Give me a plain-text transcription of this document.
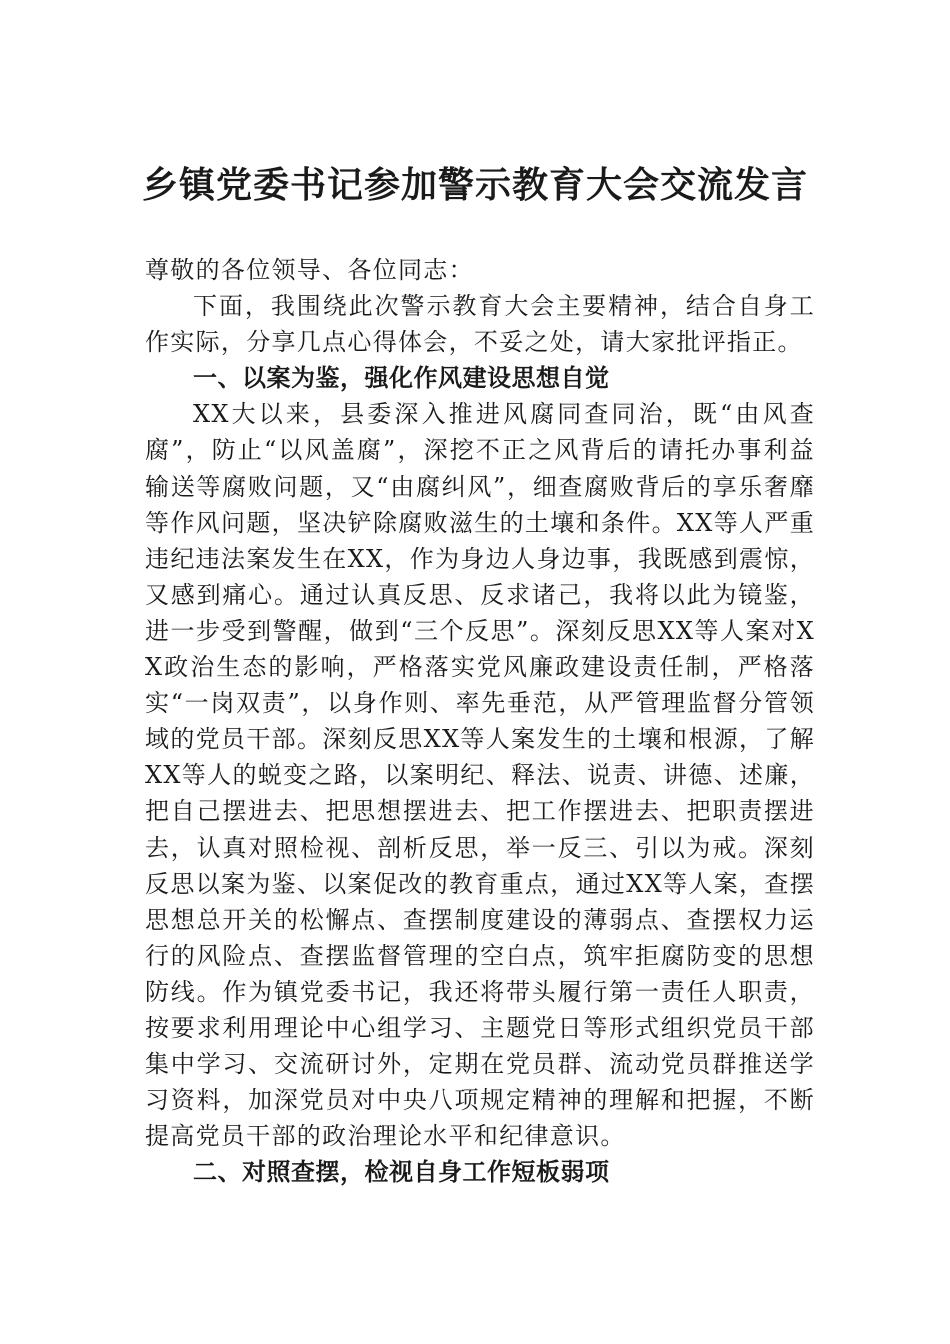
乡镇党委书记参加警示教育大会交流发言

尊敬的各位领导、各位同志：

下面，我围绕此次警示教育大会主要精神，结合自身工作实际，分享几点心得体会，不妥之处，请大家批评指正。

一、以案为鉴，强化作风建设思想自觉

XX大以来，县委深入推进风腐同查同治，既“由风查腐”，防止“以风盖腐”，深挖不正之风背后的请托办事利益输送等腐败问题，又“由腐纠风”，细查腐败背后的享乐奢靡等作风问题，坚决铲除腐败滋生的土壤和条件。XX等人严重违纪违法案发生在XX，作为身边人身边事，我既感到震惊，又感到痛心。通过认真反思、反求诸己，我将以此为镜鉴，进一步受到警醒，做到“三个反思”。深刻反思XX等人案对XX政治生态的影响，严格落实党风廉政建设责任制，严格落实“一岗双责”，以身作则、率先垂范，从严管理监督分管领域的党员干部。深刻反思XX等人案发生的土壤和根源，了解XX等人的蜕变之路，以案明纪、释法、说责、讲德、述廉，把自己摆进去、把思想摆进去、把工作摆进去、把职责摆进去，认真对照检视、剖析反思，举一反三、引以为戒。深刻反思以案为鉴、以案促改的教育重点，通过XX等人案，查摆思想总开关的松懈点、查摆制度建设的薄弱点、查摆权力运行的风险点、查摆监督管理的空白点，筑牢拒腐防变的思想防线。作为镇党委书记，我还将带头履行第一责任人职责，按要求利用理论中心组学习、主题党日等形式组织党员干部集中学习、交流研讨外，定期在党员群、流动党员群推送学习资料，加深党员对中央八项规定精神的理解和把握，不断提高党员干部的政治理论水平和纪律意识。

二、对照查摆，检视自身工作短板弱项
